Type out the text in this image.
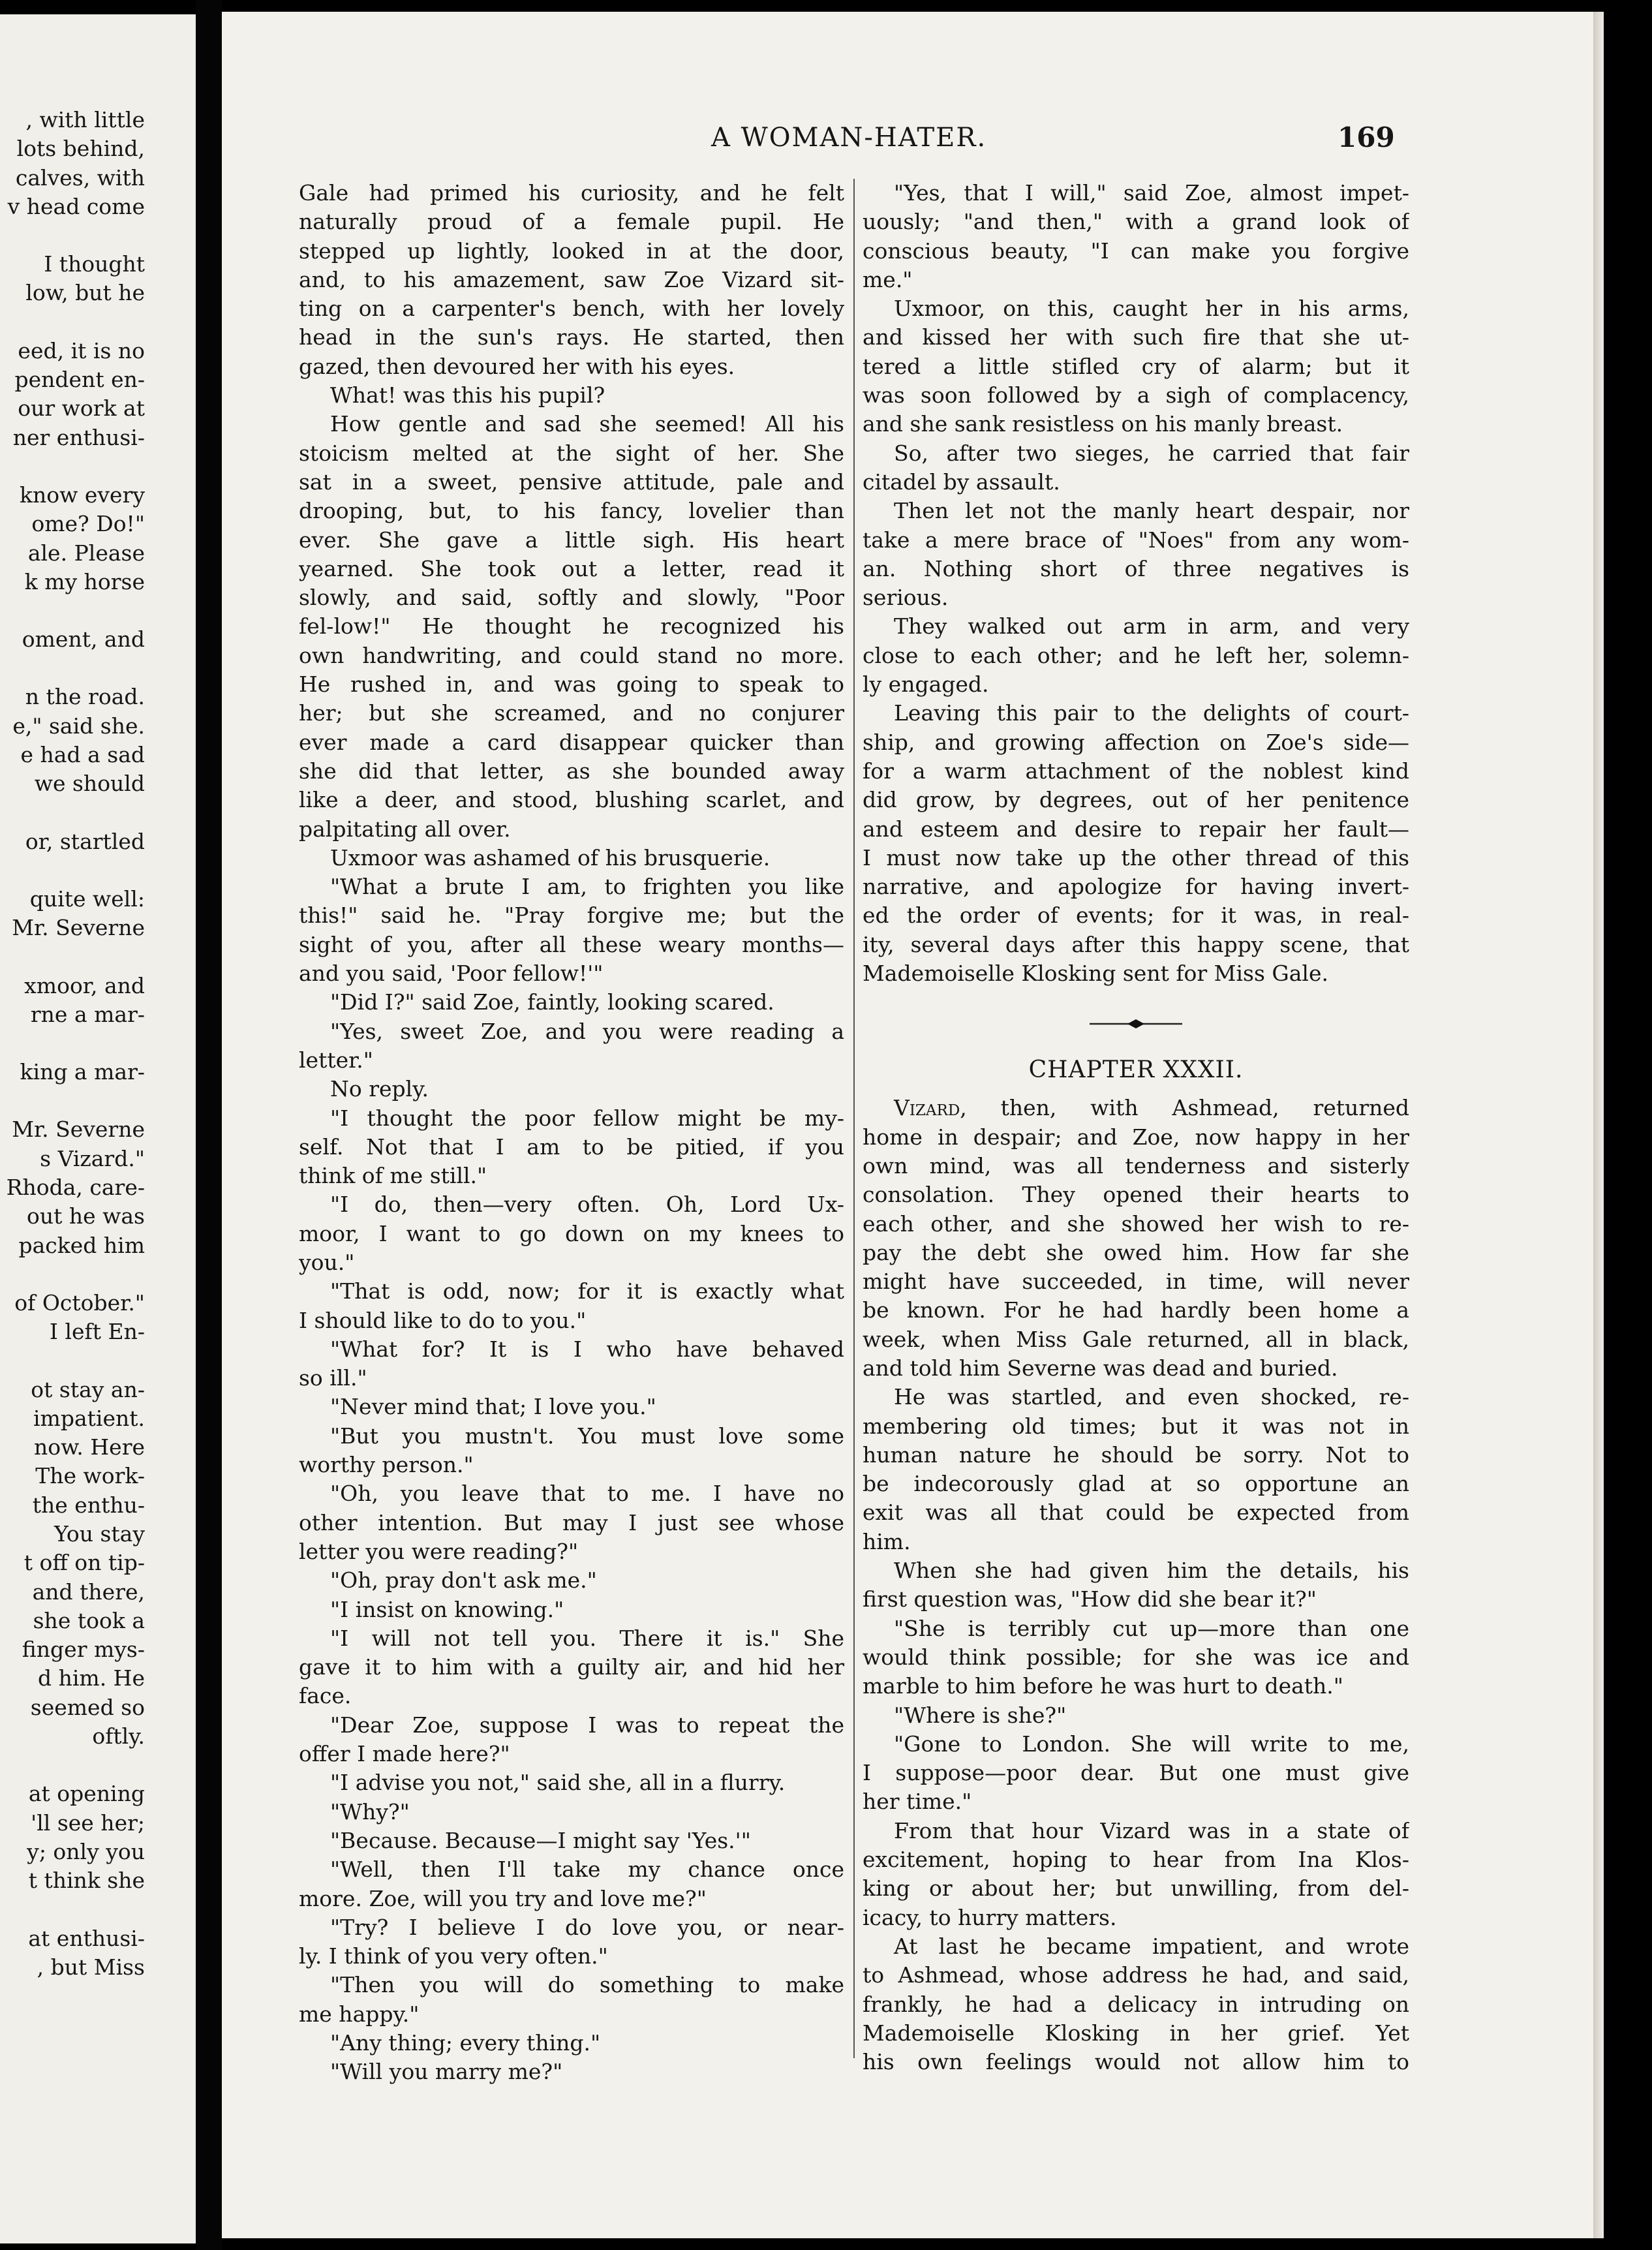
, with little
lots behind,
calves, with
v head come
I thought
low, but he
eed, it is no
pendent en-
our work at
ner enthusi-
know every
ome? Do!"
ale. Please
k my horse
oment, and
n the road.
e," said she.
e had a sad
we should
or, startled
quite well:
Mr. Severne
xmoor, and
rne a mar-
king a mar-
Mr. Severne
s Vizard."
Rhoda, care-
out he was
packed him
of October."
I left En-
ot stay an-
impatient.
now. Here
The work-
the enthu-
You stay
t off on tip-
and there,
she took a
finger mys-
d him. He
seemed so
oftly.
at opening
'll see her;
y; only you
t think she
at enthusi-
, but Miss
A WOMAN-HATER.	169
Gale had primed his curiosity, and he felt
naturally proud of a female pupil. He
stepped up lightly, looked in at the door,
and, to his amazement, saw Zoe Vizard sit-
ting on a carpenter's bench, with her lovely
head in the sun's rays. He started, then
gazed, then devoured her with his eyes.
What! was this his pupil?
How gentle and sad she seemed! All his
stoicism melted at the sight of her. She
sat in a sweet, pensive attitude, pale and
drooping, but, to his fancy, lovelier than
ever. She gave a little sigh. His heart
yearned. She took out a letter, read it
slowly, and said, softly and slowly, "Poor
fel-low!" He thought he recognized his
own handwriting, and could stand no more.
He rushed in, and was going to speak to
her; but she screamed, and no conjurer
ever made a card disappear quicker than
she did that letter, as she bounded away
like a deer, and stood, blushing scarlet, and
palpitating all over.
Uxmoor was ashamed of his brusquerie.
"What a brute I am, to frighten you like
this!" said he. "Pray forgive me; but the
sight of you, after all these weary months—
and you said, 'Poor fellow!'"
"Did I?" said Zoe, faintly, looking scared.
"Yes, sweet Zoe, and you were reading a
letter."
No reply.
"I thought the poor fellow might be my-
self. Not that I am to be pitied, if you
think of me still."
"I do, then—very often. Oh, Lord Ux-
moor, I want to go down on my knees to
you."
"That is odd, now; for it is exactly what
I should like to do to you."
"What for? It is I who have behaved
so ill."
"Never mind that; I love you."
"But you mustn't. You must love some
worthy person."
"Oh, you leave that to me. I have no
other intention. But may I just see whose
letter you were reading?"
"Oh, pray don't ask me."
"I insist on knowing."
"I will not tell you. There it is." She
gave it to him with a guilty air, and hid her
face.
"Dear Zoe, suppose I was to repeat the
offer I made here?"
"I advise you not," said she, all in a flurry.
"Why?"
"Because. Because—I might say 'Yes.'"
"Well, then I'll take my chance once
more. Zoe, will you try and love me?"
"Try? I believe I do love you, or near-
ly. I think of you very often."
"Then you will do something to make
me happy."
"Any thing; every thing."
"Will you marry me?"
"Yes, that I will," said Zoe, almost impet-
uously; "and then," with a grand look of
conscious beauty, "I can make you forgive
me."
Uxmoor, on this, caught her in his arms,
and kissed her with such fire that she ut-
tered a little stifled cry of alarm; but it
was soon followed by a sigh of complacency,
and she sank resistless on his manly breast.
So, after two sieges, he carried that fair
citadel by assault.
Then let not the manly heart despair, nor
take a mere brace of "Noes" from any wom-
an. Nothing short of three negatives is
serious.
They walked out arm in arm, and very
close to each other; and he left her, solemn-
ly engaged.
Leaving this pair to the delights of court-
ship, and growing affection on Zoe's side—
for a warm attachment of the noblest kind
did grow, by degrees, out of her penitence
and esteem and desire to repair her fault—
I must now take up the other thread of this
narrative, and apologize for having invert-
ed the order of events; for it was, in real-
ity, several days after this happy scene, that
Mademoiselle Klosking sent for Miss Gale.
CHAPTER XXXII.
Vizard, then, with Ashmead, returned
home in despair; and Zoe, now happy in her
own mind, was all tenderness and sisterly
consolation. They opened their hearts to
each other, and she showed her wish to re-
pay the debt she owed him. How far she
might have succeeded, in time, will never
be known. For he had hardly been home a
week, when Miss Gale returned, all in black,
and told him Severne was dead and buried.
He was startled, and even shocked, re-
membering old times; but it was not in
human nature he should be sorry. Not to
be indecorously glad at so opportune an
exit was all that could be expected from
him.
When she had given him the details, his
first question was, "How did she bear it?"
"She is terribly cut up—more than one
would think possible; for she was ice and
marble to him before he was hurt to death."
"Where is she?"
"Gone to London. She will write to me,
I suppose—poor dear. But one must give
her time."
From that hour Vizard was in a state of
excitement, hoping to hear from Ina Klos-
king or about her; but unwilling, from del-
icacy, to hurry matters.
At last he became impatient, and wrote
to Ashmead, whose address he had, and said,
frankly, he had a delicacy in intruding on
Mademoiselle Klosking in her grief. Yet
his own feelings would not allow him to
